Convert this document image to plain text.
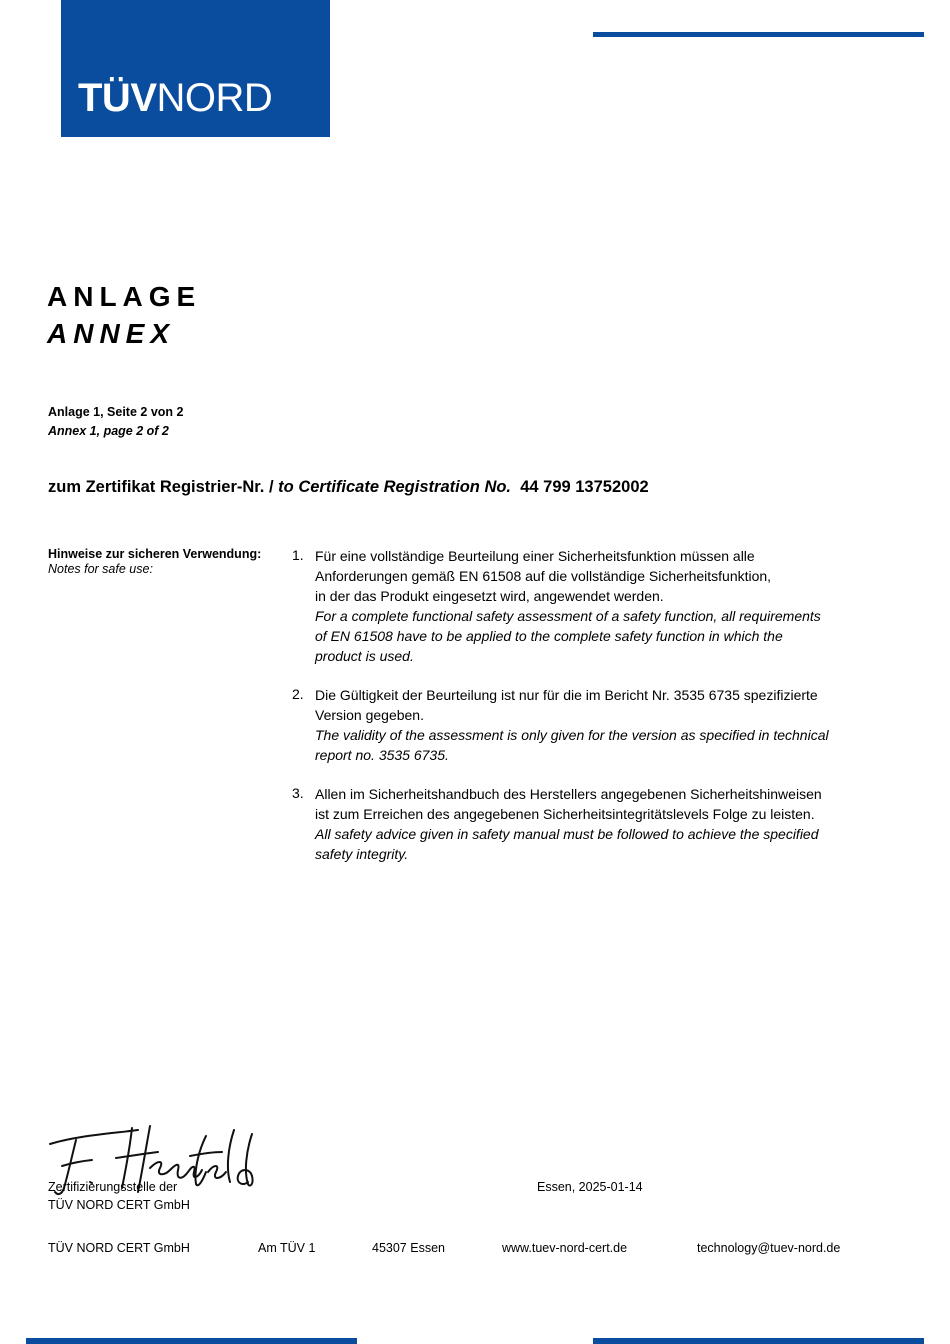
TÜVNORD
ANLAGE
ANNEX
Anlage 1, Seite 2 von 2
Annex 1, page 2 of 2
zum Zertifikat Registrier-Nr. / to Certificate Registration No. 44 799 13752002
Hinweise zur sicheren Verwendung:
Notes for safe use:
1. Für eine vollständige Beurteilung einer Sicherheitsfunktion müssen alle

Anforderungen gemäß EN 61508 auf die vollständige Sicherheitsfunktion,

in der das Produkt eingesetzt wird, angewendet werden.

For a complete functional safety assessment of a safety function, all requirements

of EN 61508 have to be applied to the complete safety function in which the

product is used.

2. Die Gültigkeit der Beurteilung ist nur für die im Bericht Nr. 3535 6735 spezifizierte

Version gegeben.

The validity of the assessment is only given for the version as specified in technical

report no. 3535 6735.

3. Allen im Sicherheitshandbuch des Herstellers angegebenen Sicherheitshinweisen

ist zum Erreichen des angegebenen Sicherheitsintegritätslevels Folge zu leisten.

All safety advice given in safety manual must be followed to achieve the specified

safety integrity.

Zertifizierungsstelle der
TÜV NORD CERT GmbH
Essen, 2025-01-14
TÜV NORD CERT GmbH	Am TÜV 1	45307 Essen	www.tuev-nord-cert.de	technology@tuev-nord.de
